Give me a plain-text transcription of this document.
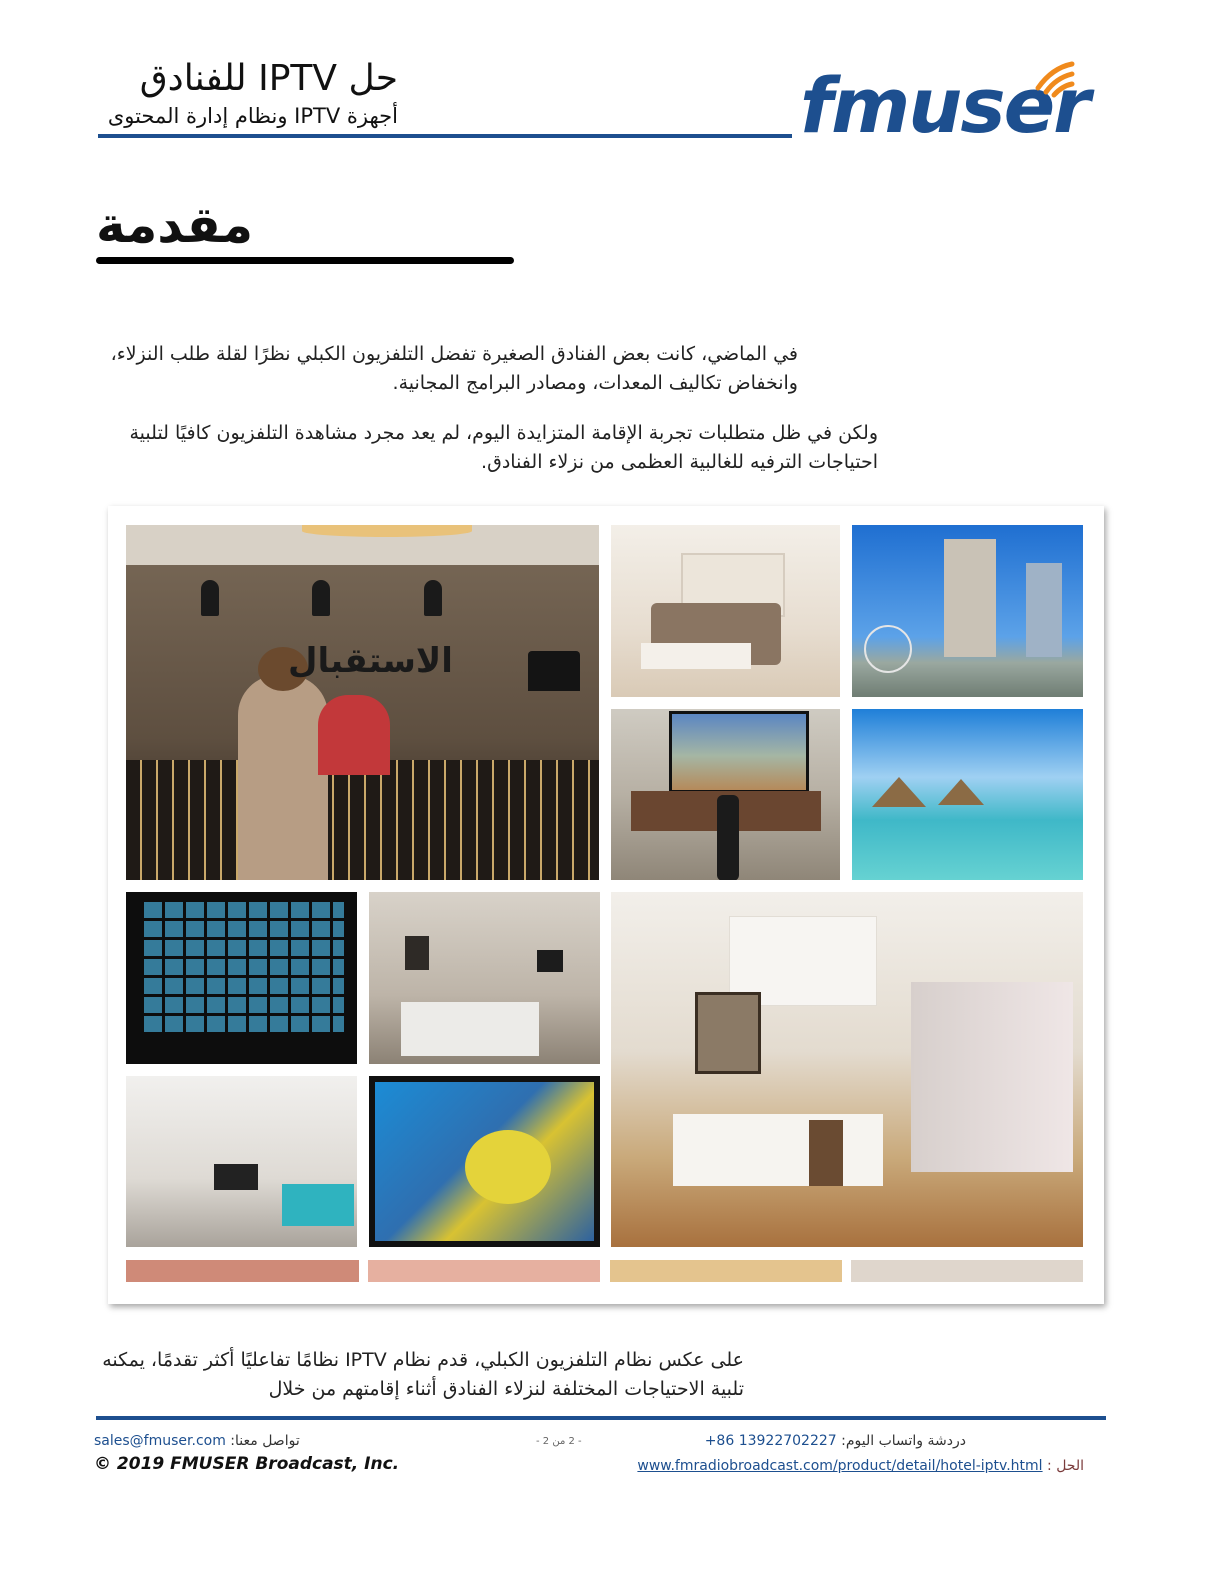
حل IPTV للفنادق
أجهزة IPTV ونظام إدارة المحتوى	fmuser
مقدمة
في الماضي، كانت بعض الفنادق الصغيرة تفضل التلفزيون الكبلي نظرًا لقلة طلب النزلاء، وانخفاض تكاليف المعدات، ومصادر البرامج المجانية.
ولكن في ظل متطلبات تجربة الإقامة المتزايدة اليوم، لم يعد مجرد مشاهدة التلفزيون كافيًا لتلبية احتياجات الترفيه للغالبية العظمى من نزلاء الفنادق.
الاستقبال
على عكس نظام التلفزيون الكبلي، قدم نظام IPTV نظامًا تفاعليًا أكثر تقدمًا، يمكنه تلبية الاحتياجات المختلفة لنزلاء الفنادق أثناء إقامتهم من خلال
sales@fmuser.com تواصل معنا:
© 2019 FMUSER Broadcast, Inc.
- 2 من 2 -	+86 13922702227 دردشة واتساب اليوم:
www.fmradiobroadcast.com/product/detail/hotel-iptv.html الحل :
